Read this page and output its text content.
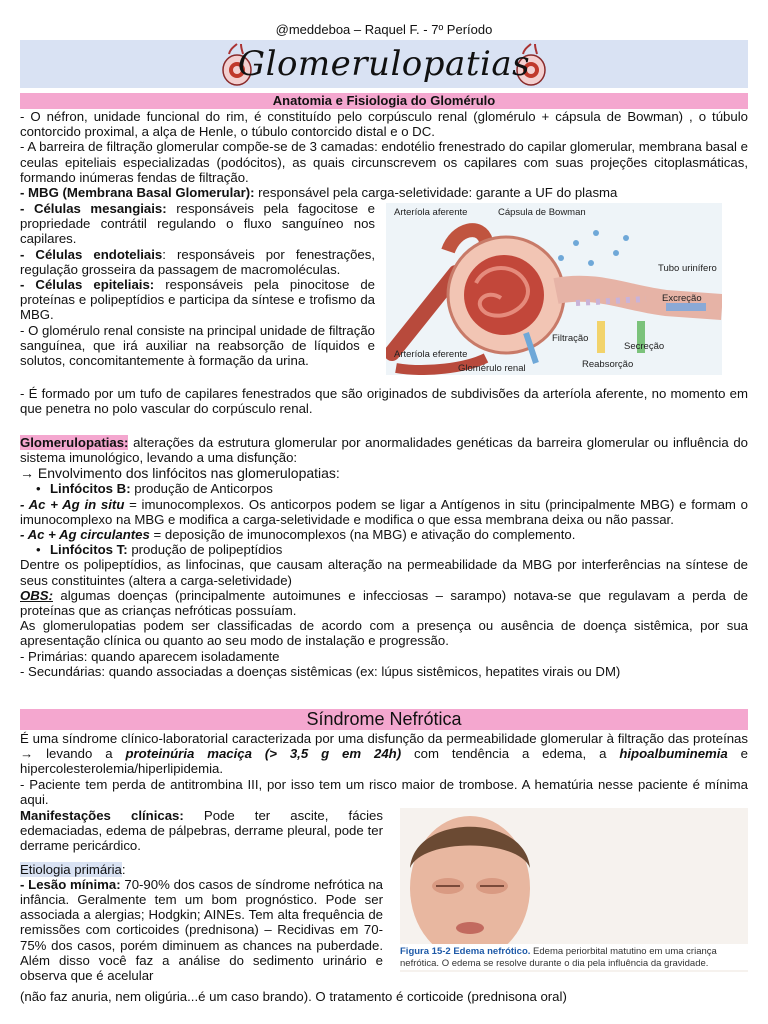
@meddeboa – Raquel F. - 7º Período
Glomerulopatias
Anatomia e Fisiologia do Glomérulo

- O néfron, unidade funcional do rim, é constituído pelo corpúsculo renal (glomérulo + cápsula de Bowman) , o túbulo contorcido proximal, a alça de Henle, o túbulo contorcido distal e o DC.

- A barreira de filtração glomerular compõe-se de 3 camadas: endotélio frenestrado do capilar glomerular, membrana basal e ceulas epiteliais especializadas (podócitos), as quais circunscrevem os capilares com suas projeções citoplasmáticas, formando inúmeras fendas de filtração.

- MBG (Membrana Basal Glomerular): responsável pela carga-seletividade: garante a UF do plasma

- Células mesangiais: responsáveis pela fagocitose e propriedade contrátil regulando o fluxo sanguíneo nos capilares.

- Células endoteliais: responsáveis por fenestrações, regulação grosseira da passagem de macromoléculas.

- Células epiteliais: responsáveis pela pinocitose de proteínas e polipeptídios e participa da síntese e trofismo da MBG.

- O glomérulo renal consiste na principal unidade de filtração sanguínea, que irá auxiliar na reabsorção de líquidos e solutos, concomitantemente à formação da urina.

Arteríola aferente	Cápsula de Bowman
Tubo urinífero
Excreção
Filtração
Secreção
Reabsorção
Arteríola eferente
Glomérulo renal
- É formado por um tufo de capilares fenestrados que são originados de subdivisões da arteríola aferente, no momento em que penetra no polo vascular do corpúsculo renal.

Glomerulopatias: alterações da estrutura glomerular por anormalidades genéticas da barreira glomerular ou influência do sistema imunológico, levando a uma disfunção:

→ Envolvimento dos linfócitos nas glomerulopatias:

• Linfócitos B: produção de Anticorpos

- Ac + Ag in situ = imunocomplexos. Os anticorpos podem se ligar a Antígenos in situ (principalmente MBG) e formam o imunocomplexo na MBG e modifica a carga-seletividade e modifica o que essa membrana deixa ou não passar.

- Ac + Ag circulantes = deposição de imunocomplexos (na MBG) e ativação do complemento.

• Linfócitos T: produção de polipeptídios

Dentre os polipeptídios, as linfocinas, que causam alteração na permeabilidade da MBG por interferências na síntese de seus constituintes (altera a carga-seletividade)

OBS: algumas doenças (principalmente autoimunes e infecciosas – sarampo) notava-se que regulavam a perda de proteínas que as crianças nefróticas possuíam.

As glomerulopatias podem ser classificadas de acordo com a presença ou ausência de doença sistêmica, por sua apresentação clínica ou quanto ao seu modo de instalação e progressão.

- Primárias: quando aparecem isoladamente

- Secundárias: quando associadas a doenças sistêmicas (ex: lúpus sistêmicos, hepatites virais ou DM)

Síndrome Nefrótica

É uma síndrome clínico-laboratorial caracterizada por uma disfunção da permeabilidade glomerular à filtração das proteínas → levando a proteinúria maciça (> 3,5 g em 24h) com tendência a edema, a hipoalbuminemia e hipercolesterolemia/hiperlipidemia.

- Paciente tem perda de antitrombina III, por isso tem um risco maior de trombose. A hematúria nesse paciente é mínima aqui.

Manifestações clínicas: Pode ter ascite, fácies edemaciadas, edema de pálpebras, derrame pleural, pode ter derrame pericárdico.

Etiologia primária:

- Lesão mínima: 70-90% dos casos de síndrome nefrótica na infância. Geralmente tem um bom prognóstico. Pode ser associada a alergias; Hodgkin; AINEs. Tem alta frequência de remissões com corticoides (prednisona) – Recidivas em 70-75% dos casos, porém diminuem as chances na puberdade. Além disso você faz a análise do sedimento urinário e observa que é acelular

(não faz anuria, nem oligúria...é um caso brando). O tratamento é corticoide (prednisona oral)
Figura 15-2 Edema nefrótico. Edema periorbital matutino em uma criança nefrótica. O edema se resolve durante o dia pela influência da gravidade.
